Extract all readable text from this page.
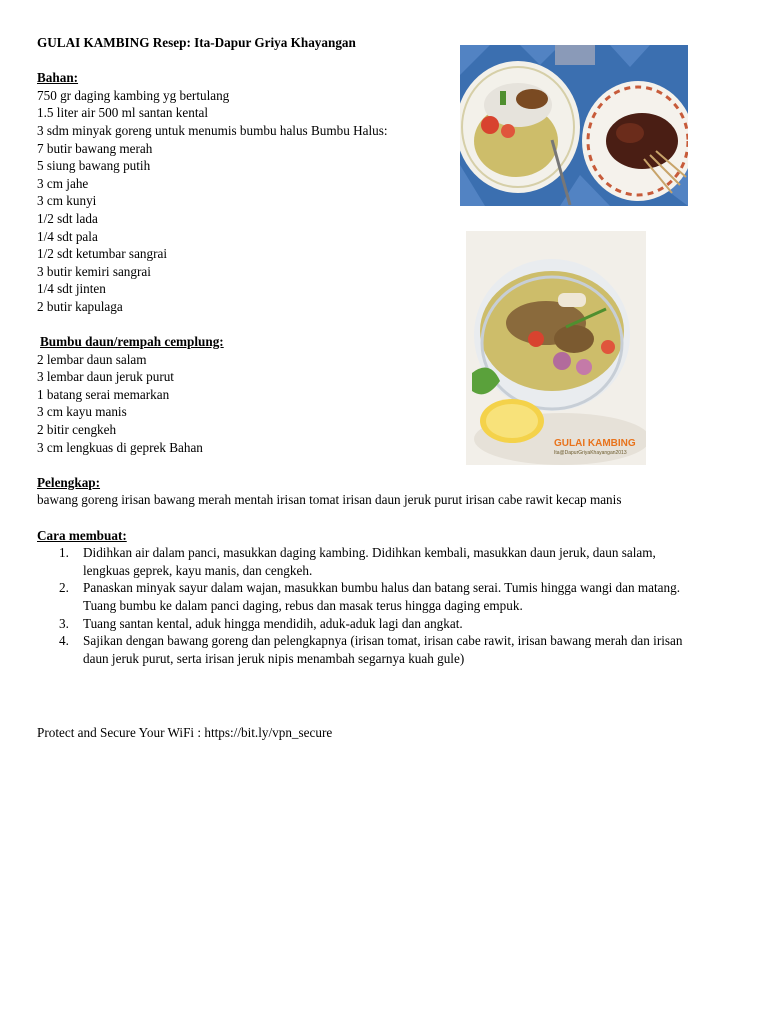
GULAI KAMBING Resep: Ita-Dapur Griya Khayangan
Bahan:
750 gr daging kambing yg bertulang
1.5 liter air 500 ml santan kental
3 sdm minyak goreng untuk menumis bumbu halus Bumbu Halus:
7 butir bawang merah
5 siung bawang putih
3 cm jahe
3 cm kunyi
1/2 sdt lada
1/4 sdt pala
1/2 sdt ketumbar sangrai
3 butir kemiri sangrai
1/4 sdt jinten
2 butir kapulaga
Bumbu daun/rempah cemplung:
2 lembar daun salam
3 lembar daun jeruk purut
1 batang serai memarkan
3 cm kayu manis
2 bitir cengkeh
3 cm lengkuas di geprek Bahan
Pelengkap:
bawang goreng irisan bawang merah mentah irisan tomat irisan daun jeruk purut irisan cabe rawit kecap manis
Cara membuat:
1. Didihkan air dalam panci, masukkan daging kambing. Didihkan kembali, masukkan daun jeruk, daun salam,
lengkuas geprek, kayu manis, dan cengkeh.
2. Panaskan minyak sayur dalam wajan, masukkan bumbu halus dan batang serai. Tumis hingga wangi dan matang.
Tuang bumbu ke dalam panci daging, rebus dan masak terus hingga daging empuk.
3. Tuang santan kental, aduk hingga mendidih, aduk-aduk lagi dan angkat.
4. Sajikan dengan bawang goreng dan pelengkapnya (irisan tomat, irisan cabe rawit, irisan bawang merah dan irisan
daun jeruk purut, serta irisan jeruk nipis menambah segarnya kuah gule)
Protect and Secure Your WiFi : https://bit.ly/vpn_secure
GULAI KAMBING
Ita@DapurGriyaKhayangan2013
